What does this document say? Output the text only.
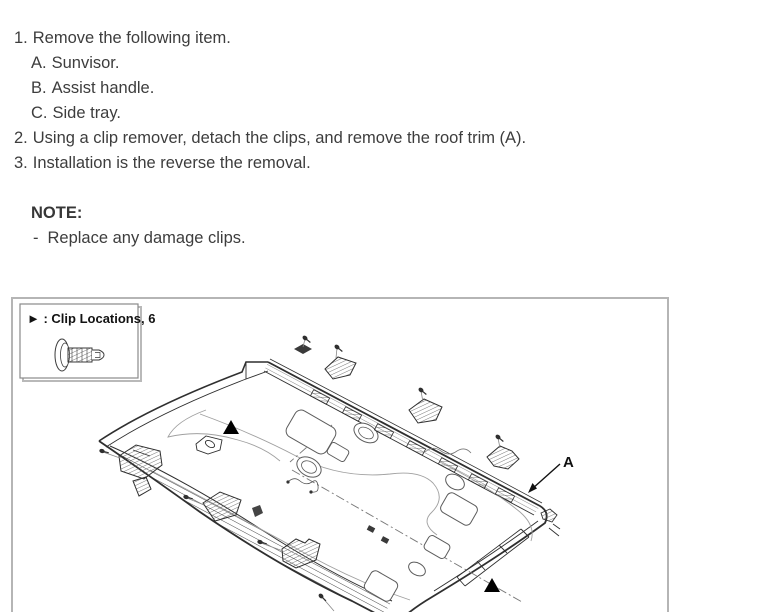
1. Remove the following item.
A. Sunvisor.
B. Assist handle.
C. Side tray.
2. Using a clip remover, detach the clips, and remove the roof trim (A).
3. Installation is the reverse the removal.
NOTE:
- Replace any damage clips.
► : Clip Locations, 6
A
